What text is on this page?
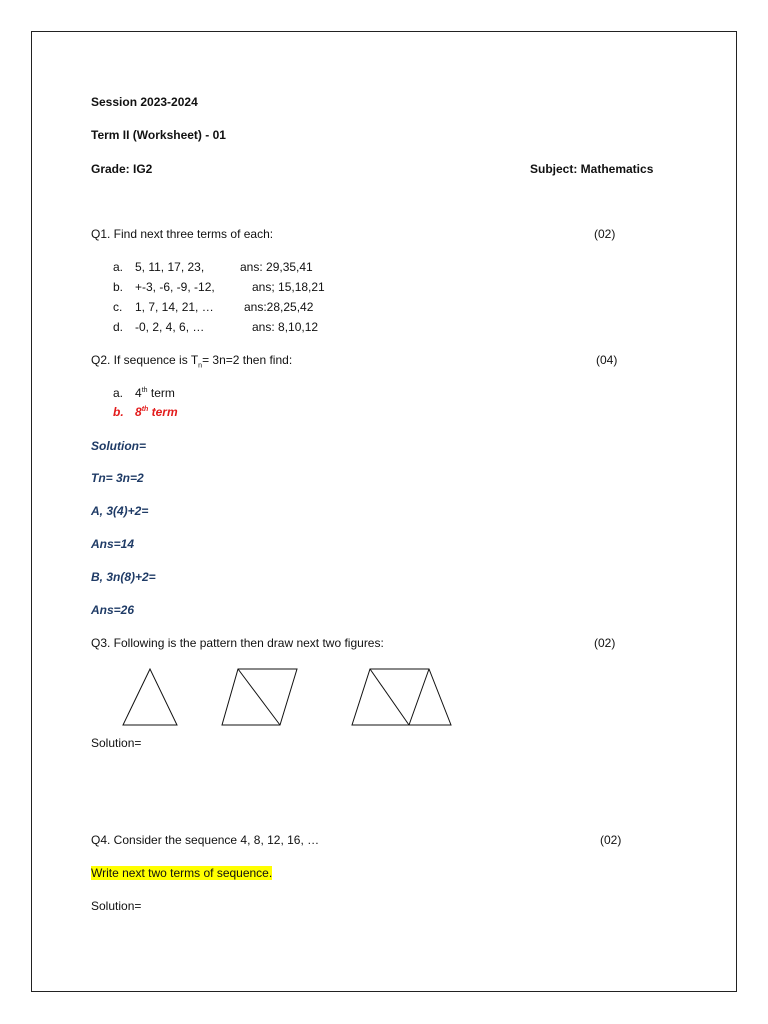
Session 2023-2024
Term II (Worksheet) - 01
Grade: IG2	Subject: Mathematics
Q1. Find next three terms of each:	(02)
a. 5, 11, 17, 23,	ans: 29,35,41
b. +-3, -6, -9, -12,	ans; 15,18,21
c. 1, 7, 14, 21, …	ans:28,25,42
d. -0, 2, 4, 6, …	ans: 8,10,12
Q2. If sequence is $T_n= 3n=2$ then find:	(04)
a. 4th term
b. 8th term
Solution=
Tn= 3n=2
A, 3(4)+2=
Ans=14
B, 3n(8)+2=
Ans=26
Q3. Following is the pattern then draw next two figures:	(02)
Solution=
Q4. Consider the sequence 4, 8, 12, 16, …	(02)
Write next two terms of sequence.
Solution=
